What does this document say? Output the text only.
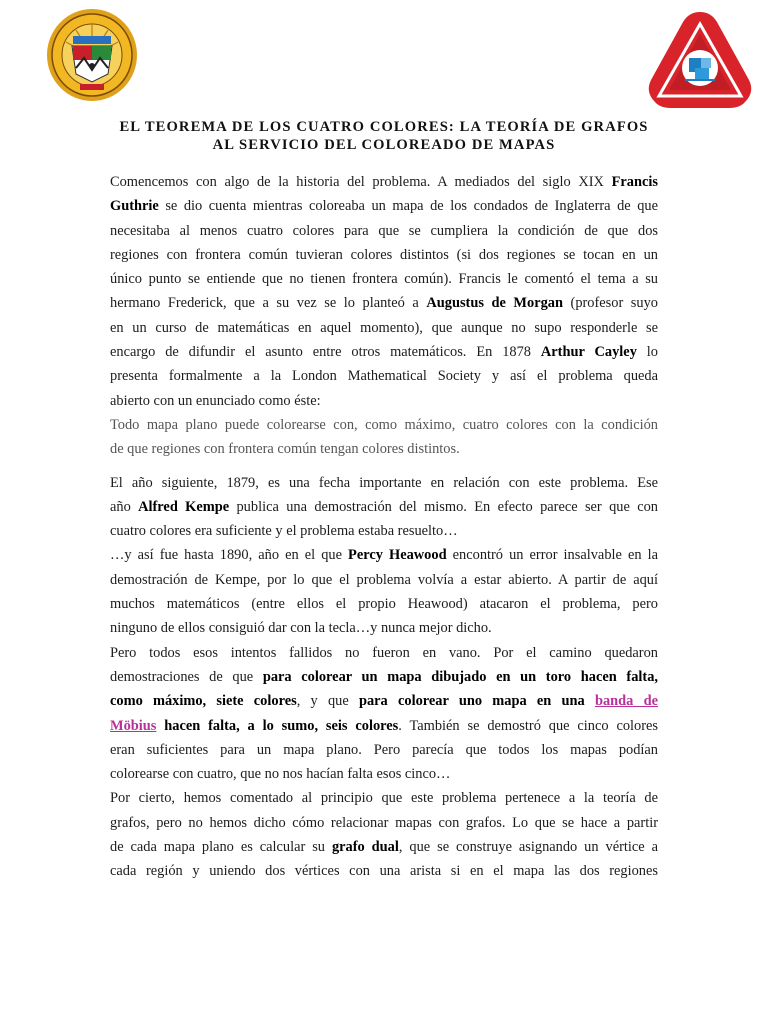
EL TEOREMA DE LOS CUATRO COLORES: LA TEORÍA DE GRAFOS
AL SERVICIO DEL COLOREADO DE MAPAS

Comencemos con algo de la historia del problema. A mediados del siglo XIX Francis
Guthrie se dio cuenta mientras coloreaba un mapa de los condados de Inglaterra de que
necesitaba al menos cuatro colores para que se cumpliera la condición de que dos
regiones con frontera común tuvieran colores distintos (si dos regiones se tocan en un
único punto se entiende que no tienen frontera común). Francis le comentó el tema a su
hermano Frederick, que a su vez se lo planteó a Augustus de Morgan (profesor suyo
en un curso de matemáticas en aquel momento), que aunque no supo responderle se
encargo de difundir el asunto entre otros matemáticos. En 1878 Arthur Cayley lo
presenta formalmente a la London Mathematical Society y así el problema queda
abierto con un enunciado como éste:

Todo mapa plano puede colorearse con, como máximo, cuatro colores con la condición
de que regiones con frontera común tengan colores distintos.

El año siguiente, 1879, es una fecha importante en relación con este problema. Ese
año Alfred Kempe publica una demostración del mismo. En efecto parece ser que con
cuatro colores era suficiente y el problema estaba resuelto…

…y así fue hasta 1890, año en el que Percy Heawood encontró un error insalvable en la
demostración de Kempe, por lo que el problema volvía a estar abierto. A partir de aquí
muchos matemáticos (entre ellos el propio Heawood) atacaron el problema, pero
ninguno de ellos consiguió dar con la tecla…y nunca mejor dicho.

Pero todos esos intentos fallidos no fueron en vano. Por el camino quedaron
demostraciones de que para colorear un mapa dibujado en un toro hacen falta,
como máximo, siete colores, y que para colorear uno mapa en una banda de
Möbius hacen falta, a lo sumo, seis colores. También se demostró que cinco colores
eran suficientes para un mapa plano. Pero parecía que todos los mapas podían
colorearse con cuatro, que no nos hacían falta esos cinco…

Por cierto, hemos comentado al principio que este problema pertenece a la teoría de
grafos, pero no hemos dicho cómo relacionar mapas con grafos. Lo que se hace a partir
de cada mapa plano es calcular su grafo dual, que se construye asignando un vértice a
cada región y uniendo dos vértices con una arista si en el mapa las dos regiones
